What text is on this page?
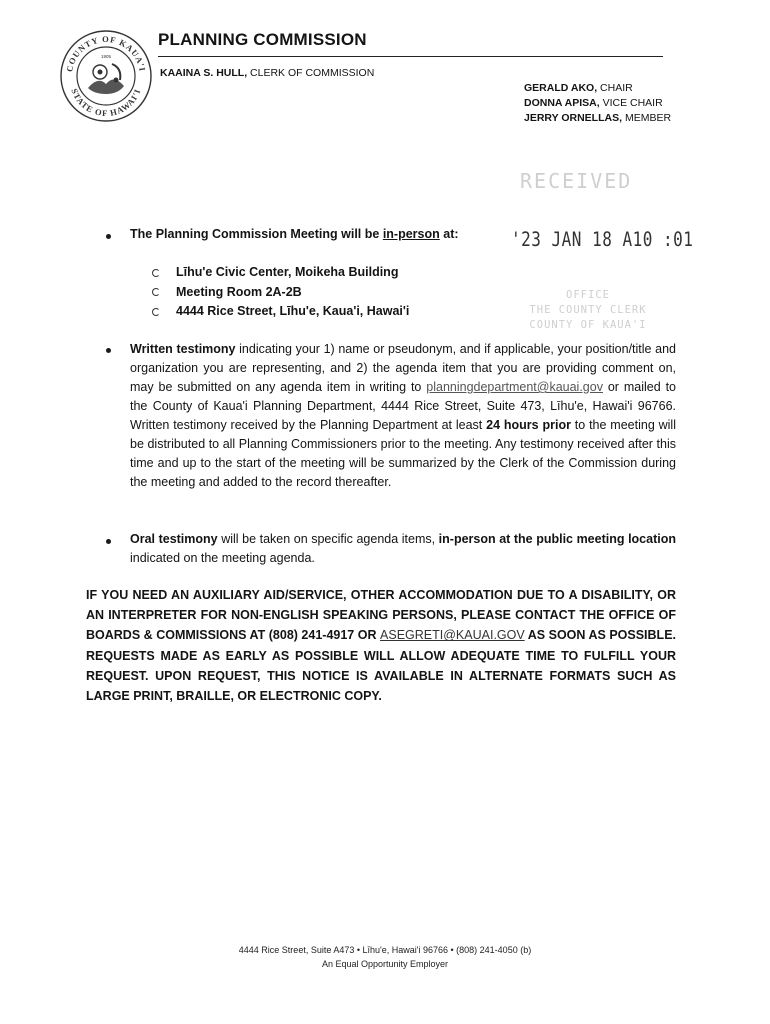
COUNTY OF KAUA'I
STATE OF HAWAI'I
1905
PLANNING COMMISSION
KAAINA S. HULL, CLERK OF COMMISSION
GERALD AKO, CHAIR
DONNA APISA, VICE CHAIR
JERRY ORNELLAS, MEMBER
RECEIVED
'23 JAN 18 A10 :01
OFFICE
THE COUNTY CLERK
COUNTY OF KAUA'I
The Planning Commission Meeting will be in-person at:
Līhu'e Civic Center, Moikeha Building
Meeting Room 2A-2B
4444 Rice Street, Līhu'e, Kaua'i, Hawai'i
Written testimony indicating your 1) name or pseudonym, and if applicable, your position/title and organization you are representing, and 2) the agenda item that you are providing comment on, may be submitted on any agenda item in writing to planningdepartment@kauai.gov or mailed to the County of Kaua'i Planning Department, 4444 Rice Street, Suite 473, Līhu'e, Hawai'i 96766. Written testimony received by the Planning Department at least 24 hours prior to the meeting will be distributed to all Planning Commissioners prior to the meeting. Any testimony received after this time and up to the start of the meeting will be summarized by the Clerk of the Commission during the meeting and added to the record thereafter.
Oral testimony will be taken on specific agenda items, in-person at the public meeting location indicated on the meeting agenda.
IF YOU NEED AN AUXILIARY AID/SERVICE, OTHER ACCOMMODATION DUE TO A DISABILITY, OR AN INTERPRETER FOR NON-ENGLISH SPEAKING PERSONS, PLEASE CONTACT THE OFFICE OF BOARDS & COMMISSIONS AT (808) 241-4917 OR ASEGRETI@KAUAI.GOV AS SOON AS POSSIBLE. REQUESTS MADE AS EARLY AS POSSIBLE WILL ALLOW ADEQUATE TIME TO FULFILL YOUR REQUEST. UPON REQUEST, THIS NOTICE IS AVAILABLE IN ALTERNATE FORMATS SUCH AS LARGE PRINT, BRAILLE, OR ELECTRONIC COPY.
4444 Rice Street, Suite A473 • Līhu'e, Hawai'i 96766 • (808) 241-4050 (b)
An Equal Opportunity Employer
